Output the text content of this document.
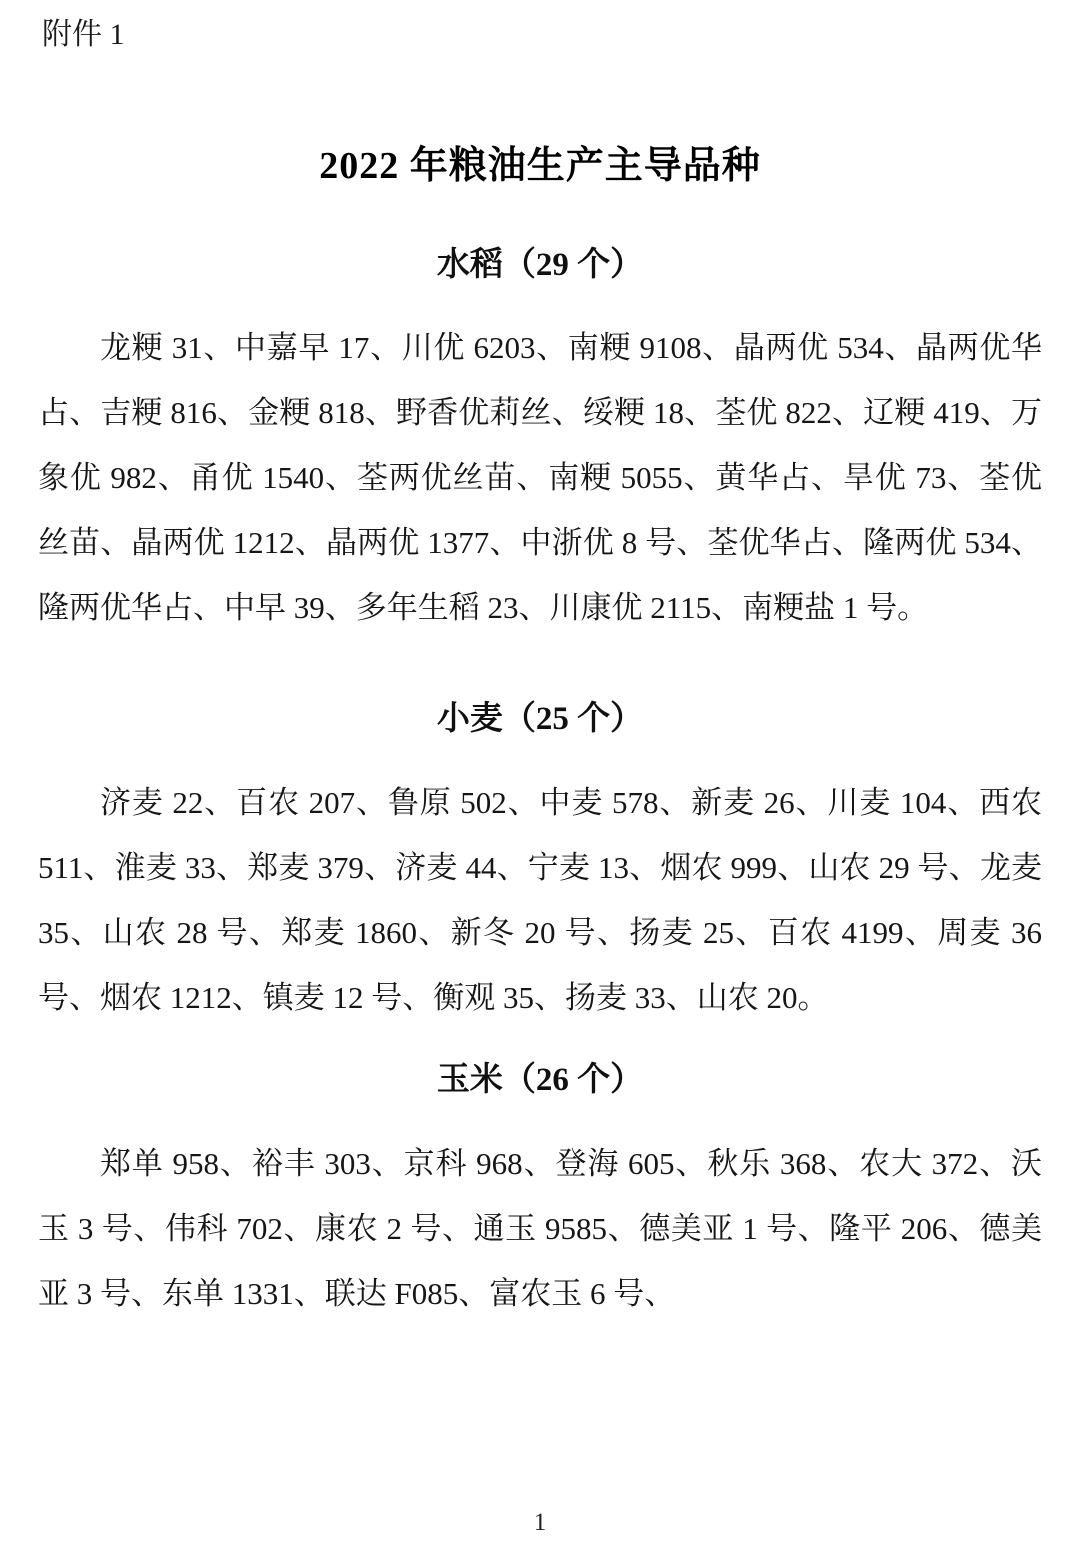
附件 1
2022 年粮油生产主导品种
水稻（29 个）

龙粳 31、中嘉早 17、川优 6203、南粳 9108、晶两优 534、晶两优华占、吉粳 816、金粳 818、野香优莉丝、绥粳 18、荃优 822、辽粳 419、万象优 982、甬优 1540、荃两优丝苗、南粳 5055、黄华占、旱优 73、荃优丝苗、晶两优 1212、晶两优 1377、中浙优 8 号、荃优华占、隆两优 534、隆两优华占、中早 39、多年生稻 23、川康优 2115、南粳盐 1 号。

小麦（25 个）

济麦 22、百农 207、鲁原 502、中麦 578、新麦 26、川麦 104、西农 511、淮麦 33、郑麦 379、济麦 44、宁麦 13、烟农 999、山农 29 号、龙麦 35、山农 28 号、郑麦 1860、新冬 20 号、扬麦 25、百农 4199、周麦 36 号、烟农 1212、镇麦 12 号、衡观 35、扬麦 33、山农 20。

玉米（26 个）

郑单 958、裕丰 303、京科 968、登海 605、秋乐 368、农大 372、沃玉 3 号、伟科 702、康农 2 号、通玉 9585、德美亚 1 号、隆平 206、德美亚 3 号、东单 1331、联达 F085、富农玉 6 号、

1
